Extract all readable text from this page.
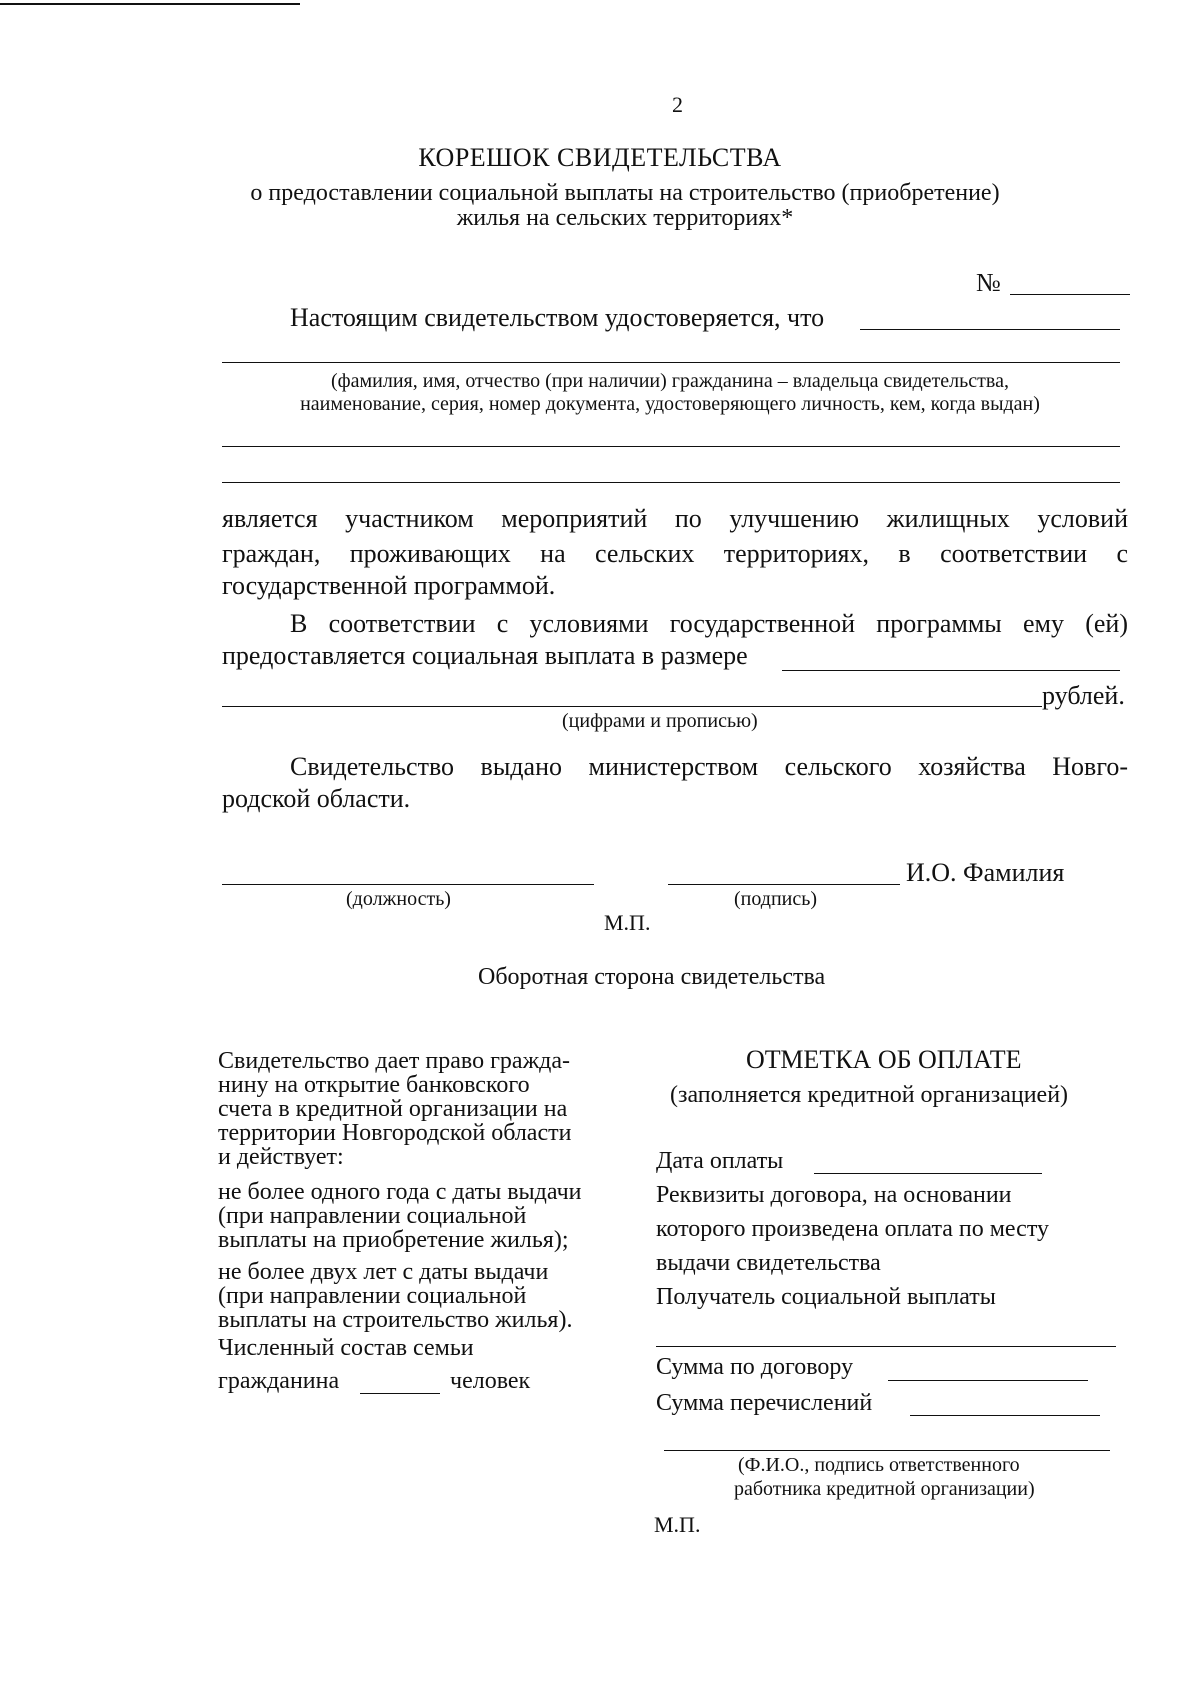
2
КОРЕШОК СВИДЕТЕЛЬСТВА
о предоставлении социальной выплаты на строительство (приобретение)
жилья на сельских территориях*
№
Настоящим свидетельством удостоверяется, что
(фамилия, имя, отчество (при наличии) гражданина – владельца свидетельства,
наименование, серия, номер документа, удостоверяющего личность, кем, когда выдан)
является участником мероприятий по улучшению жилищных условий
граждан, проживающих на сельских территориях, в соответствии с
государственной программой.
В соответствии с условиями государственной программы ему (ей)
предоставляется социальная выплата в размере
рублей.
(цифрами и прописью)
Свидетельство выдано министерством сельского хозяйства Новго-
родской области.
И.О. Фамилия
(должность)	(подпись)
М.П.
Оборотная сторона свидетельства
Свидетельство дает право гражда-
нину на открытие банковского
счета в кредитной организации на
территории Новгородской области
и действует:
не более одного года с даты выдачи
(при направлении социальной
выплаты на приобретение жилья);
не более двух лет с даты выдачи
(при направлении социальной
выплаты на строительство жилья).
Численный состав семьи
гражданина	человек
ОТМЕТКА ОБ ОПЛАТЕ
(заполняется кредитной организацией)
Дата оплаты
Реквизиты договора, на основании
которого произведена оплата по месту
выдачи свидетельства
Получатель социальной выплаты
Сумма по договору
Сумма перечислений
(Ф.И.О., подпись ответственного
работника кредитной организации)
М.П.
